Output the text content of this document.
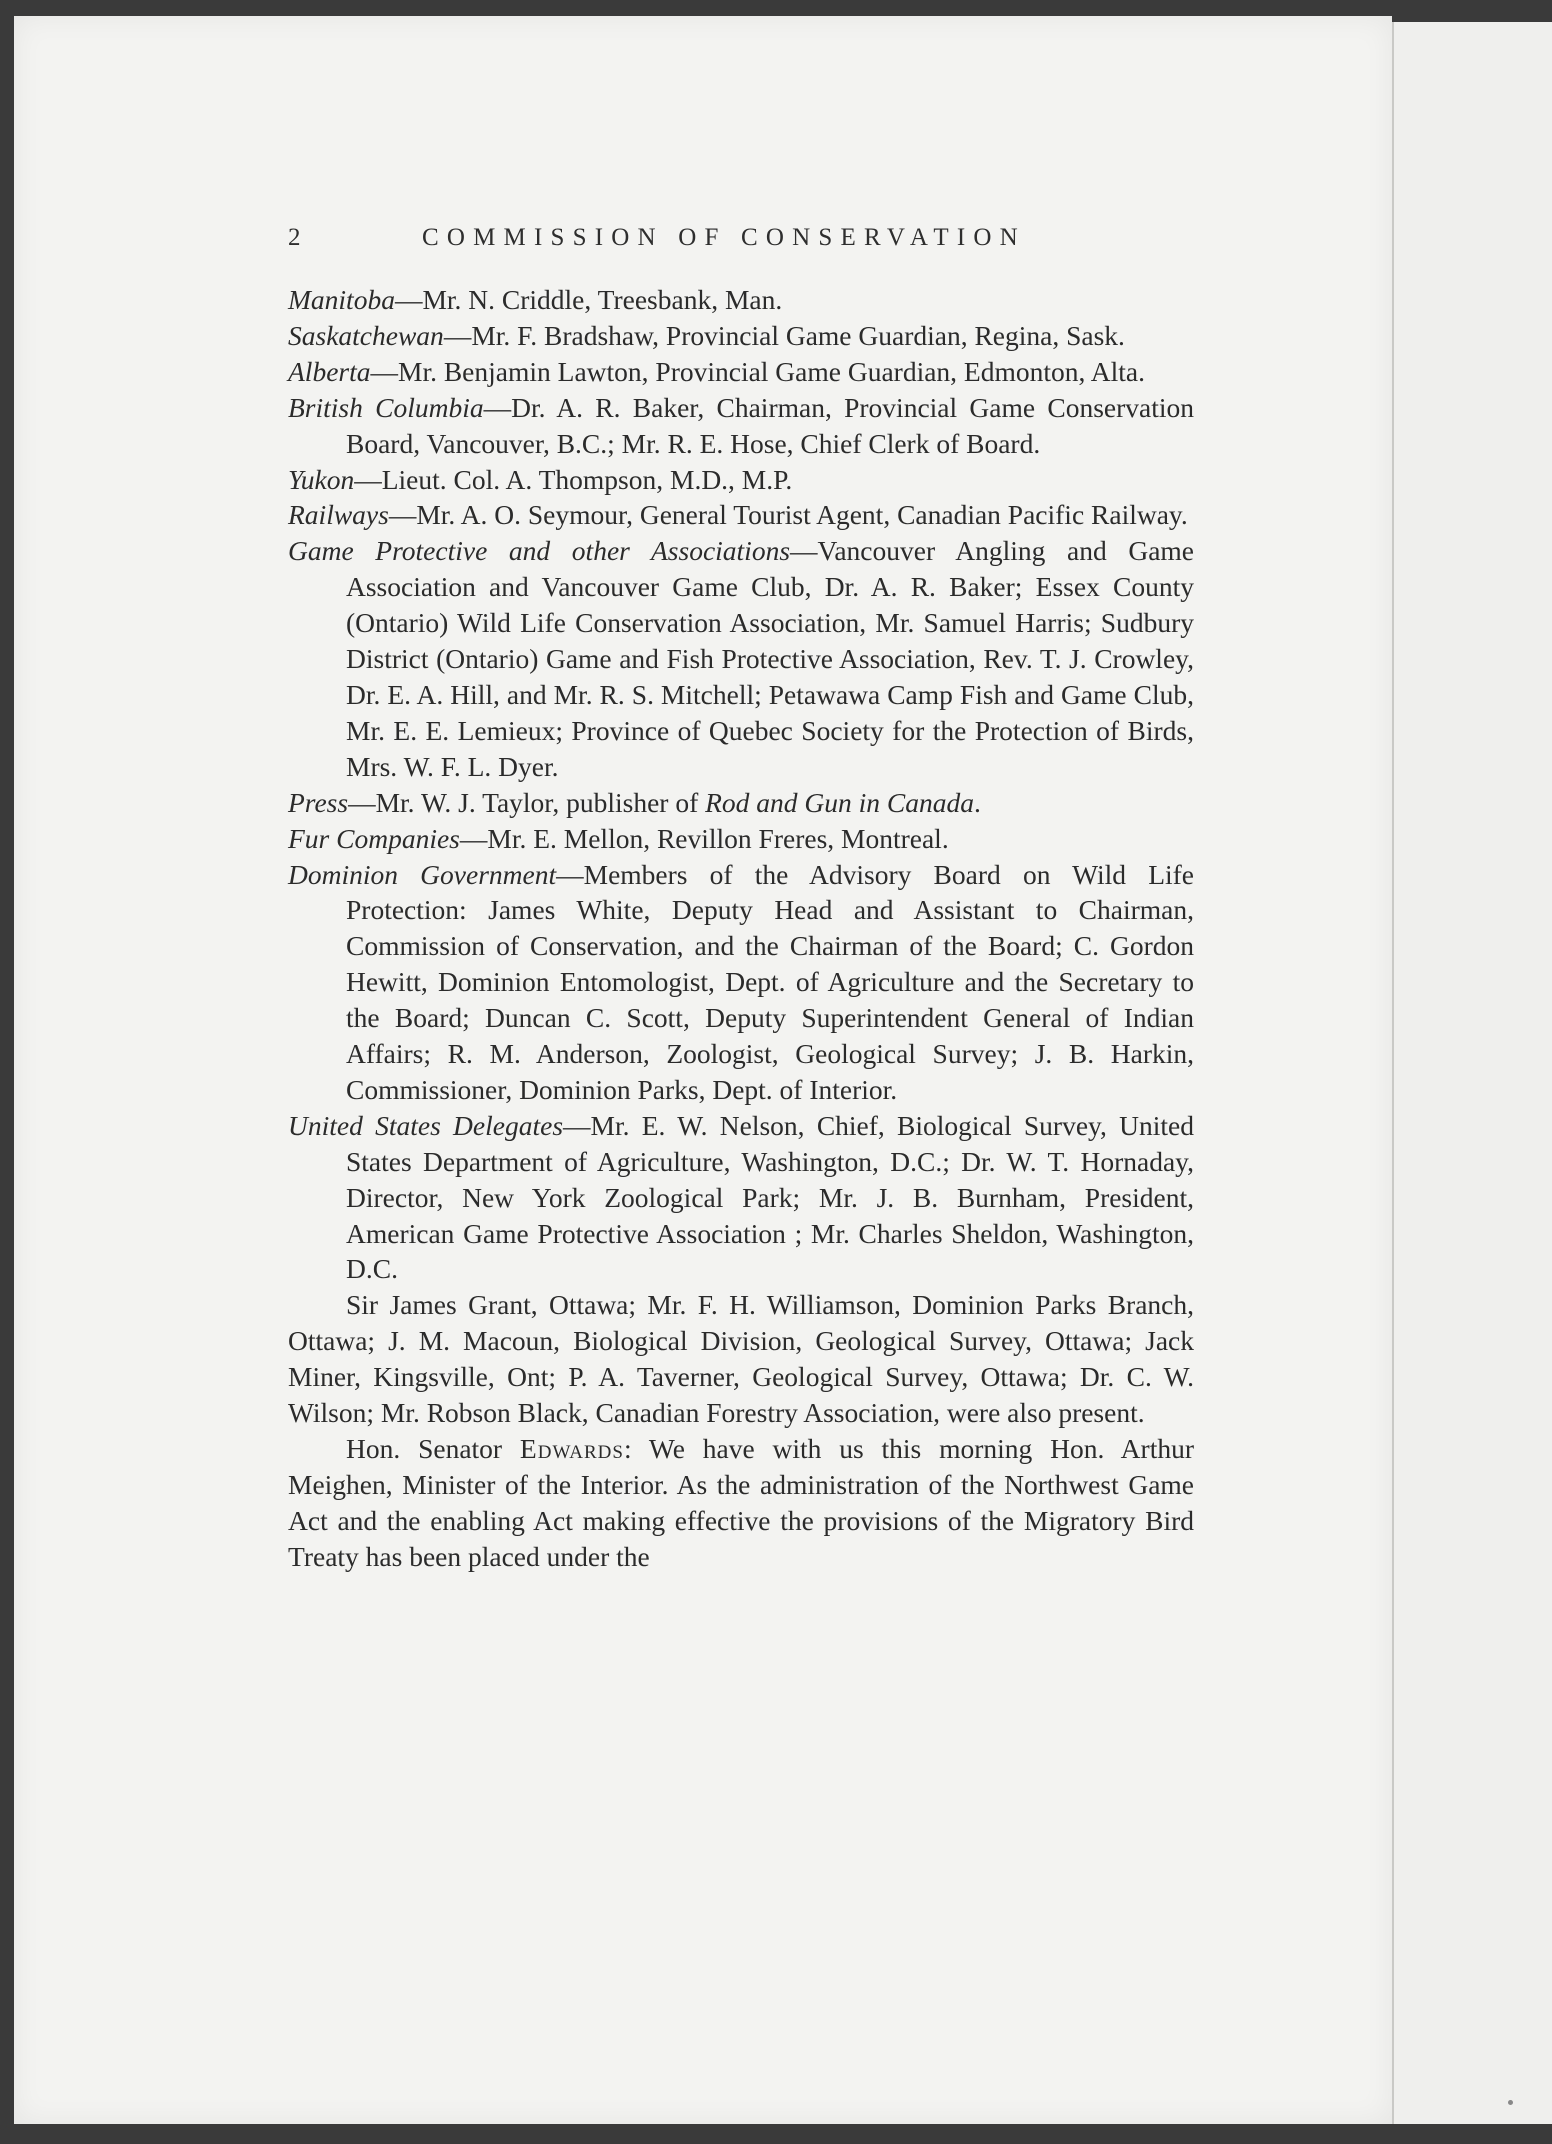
2	COMMISSION OF CONSERVATION

Manitoba—Mr. N. Criddle, Treesbank, Man.

Saskatchewan—Mr. F. Bradshaw, Provincial Game Guardian, Regina, Sask.

Alberta—Mr. Benjamin Lawton, Provincial Game Guardian, Edmonton, Alta.

British Columbia—Dr. A. R. Baker, Chairman, Provincial Game Conservation Board, Vancouver, B.C.; Mr. R. E. Hose, Chief Clerk of Board.

Yukon—Lieut. Col. A. Thompson, M.D., M.P.

Railways—Mr. A. O. Seymour, General Tourist Agent, Canadian Pacific Railway.

Game Protective and other Associations—Vancouver Angling and Game Association and Vancouver Game Club, Dr. A. R. Baker; Essex County (Ontario) Wild Life Conservation Association, Mr. Samuel Harris; Sudbury District (Ontario) Game and Fish Protective Association, Rev. T. J. Crowley, Dr. E. A. Hill, and Mr. R. S. Mitchell; Petawawa Camp Fish and Game Club, Mr. E. E. Lemieux; Province of Quebec Society for the Protection of Birds, Mrs. W. F. L. Dyer.

Press—Mr. W. J. Taylor, publisher of Rod and Gun in Canada.

Fur Companies—Mr. E. Mellon, Revillon Freres, Montreal.

Dominion Government—Members of the Advisory Board on Wild Life Protection: James White, Deputy Head and Assistant to Chairman, Commission of Conservation, and the Chairman of the Board; C. Gordon Hewitt, Dominion Entomologist, Dept. of Agriculture and the Secretary to the Board; Duncan C. Scott, Deputy Superintendent General of Indian Affairs; R. M. Anderson, Zoologist, Geological Survey; J. B. Harkin, Commissioner, Dominion Parks, Dept. of Interior.

United States Delegates—Mr. E. W. Nelson, Chief, Biological Survey, United States Department of Agriculture, Washington, D.C.; Dr. W. T. Hornaday, Director, New York Zoological Park; Mr. J. B. Burnham, President, American Game Protective Association ; Mr. Charles Sheldon, Washington, D.C.

Sir James Grant, Ottawa; Mr. F. H. Williamson, Dominion Parks Branch, Ottawa; J. M. Macoun, Biological Division, Geological Survey, Ottawa; Jack Miner, Kingsville, Ont; P. A. Taverner, Geological Survey, Ottawa; Dr. C. W. Wilson; Mr. Robson Black, Canadian Forestry Association, were also present.

Hon. Senator Edwards: We have with us this morning Hon. Arthur Meighen, Minister of the Interior. As the administration of the Northwest Game Act and the enabling Act making effective the provisions of the Migratory Bird Treaty has been placed under the
